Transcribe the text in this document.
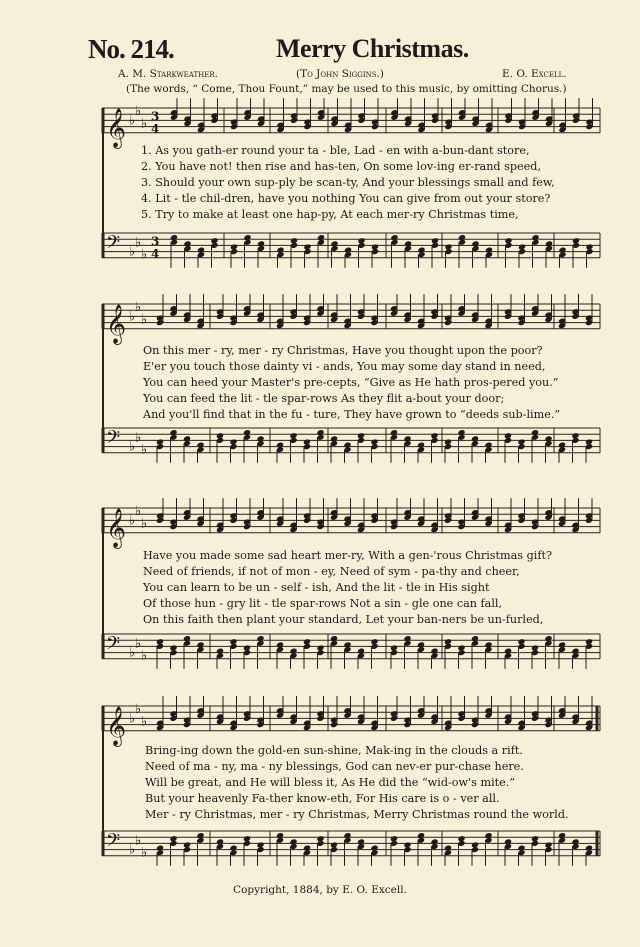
No. 214.	Merry Christmas.
A. M. Starkweather.	(To John Siggins.)	E. O. Excell.
(The words, “ Come, Thou Fount,” may be used to this music, by omitting Chorus.)
𝄞 ♭
♭
♭
3
4
𝄢 ♭
♭
♭
3
4
1. As you gath-er round your ta - ble, Lad - en with a-bun-dant store,
2. You have not! then rise and has-ten, On some lov-ing er-rand speed,
3. Should your own sup-ply be scan-ty, And your blessings small and few,
4. Lit - tle chil-dren, have you nothing You can give from out your store?
5. Try to make at least one hap-py, At each mer-ry Christmas time,
𝄞 ♭
♭
♭
𝄢 ♭
♭
♭
On this mer - ry, mer - ry Christmas, Have you thought upon the poor?
E'er you touch those dainty vi - ands, You may some day stand in need,
You can heed your Master's pre-cepts, “Give as He hath pros-pered you.”
You can feed the lit - tle spar-rows As they flit a-bout your door;
And you'll find that in the fu - ture, They have grown to “deeds sub-lime.”
𝄞 ♭
♭
♭
𝄢 ♭
♭
♭
Have you made some sad heart mer-ry, With a gen-'rous Christmas gift?
Need of friends, if not of mon - ey, Need of sym - pa-thy and cheer,
You can learn to be un - self - ish, And the lit - tle in His sight
Of those hun - gry lit - tle spar-rows Not a sin - gle one can fall,
On this faith then plant your standard, Let your ban-ners be un-furled,
𝄞 ♭
♭
♭
𝄢 ♭
♭
♭
Bring-ing down the gold-en sun-shine, Mak-ing in the clouds a rift.
Need of ma - ny, ma - ny blessings, God can nev-er pur-chase here.
Will be great, and He will bless it, As He did the “wid-ow's mite.”
But your heavenly Fa-ther know-eth, For His care is o - ver all.
Mer - ry Christmas, mer - ry Christmas, Merry Christmas round the world.
Copyright, 1884, by E. O. Excell.
